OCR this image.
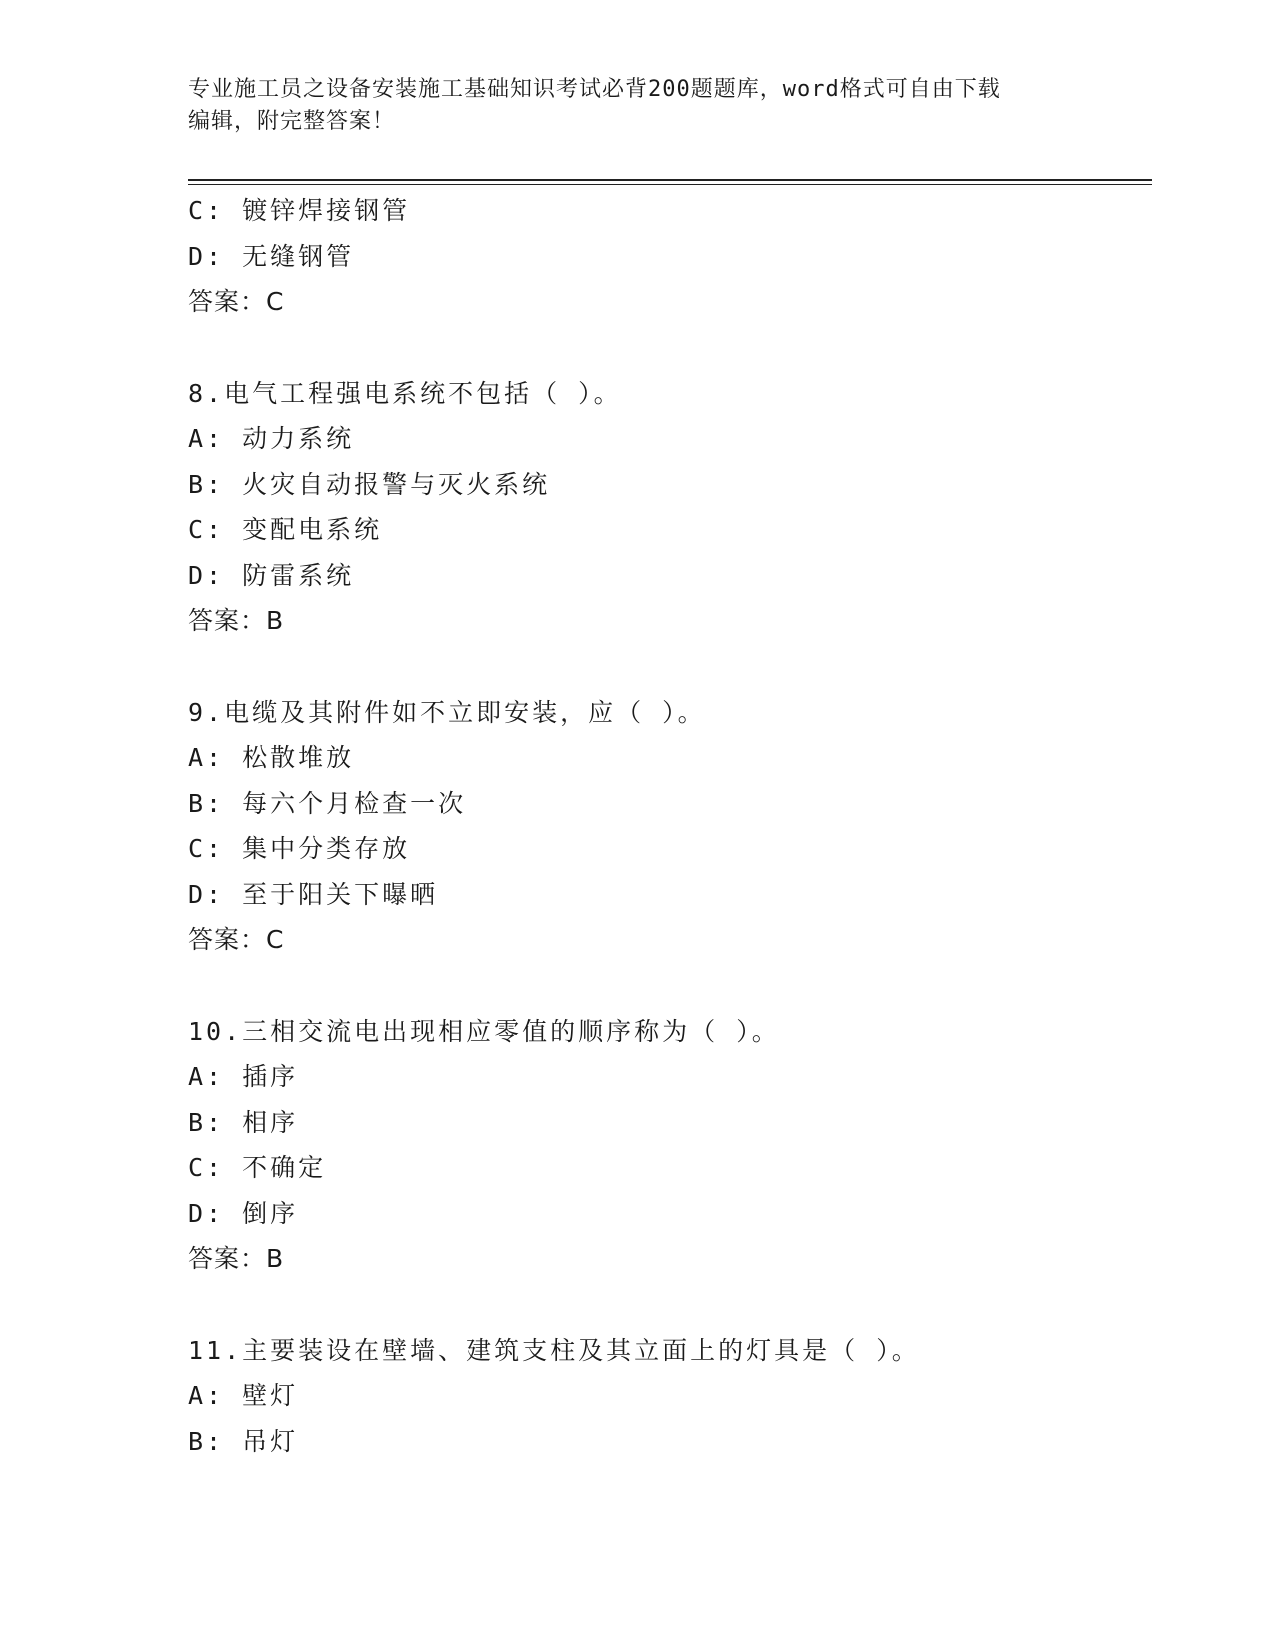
专业施工员之设备安装施工基础知识考试必背200题题库，word格式可自由下载
编辑，附完整答案！
C: 镀锌焊接钢管
D: 无缝钢管
答案：C
8.电气工程强电系统不包括（ ）。
A: 动力系统
B: 火灾自动报警与灭火系统
C: 变配电系统
D: 防雷系统
答案：B
9.电缆及其附件如不立即安装，应（ ）。
A: 松散堆放
B: 每六个月检查一次
C: 集中分类存放
D: 至于阳关下曝晒
答案：C
10.三相交流电出现相应零值的顺序称为（ ）。
A: 插序
B: 相序
C: 不确定
D: 倒序
答案：B
11.主要装设在壁墙、建筑支柱及其立面上的灯具是（ ）。
A: 壁灯
B: 吊灯
